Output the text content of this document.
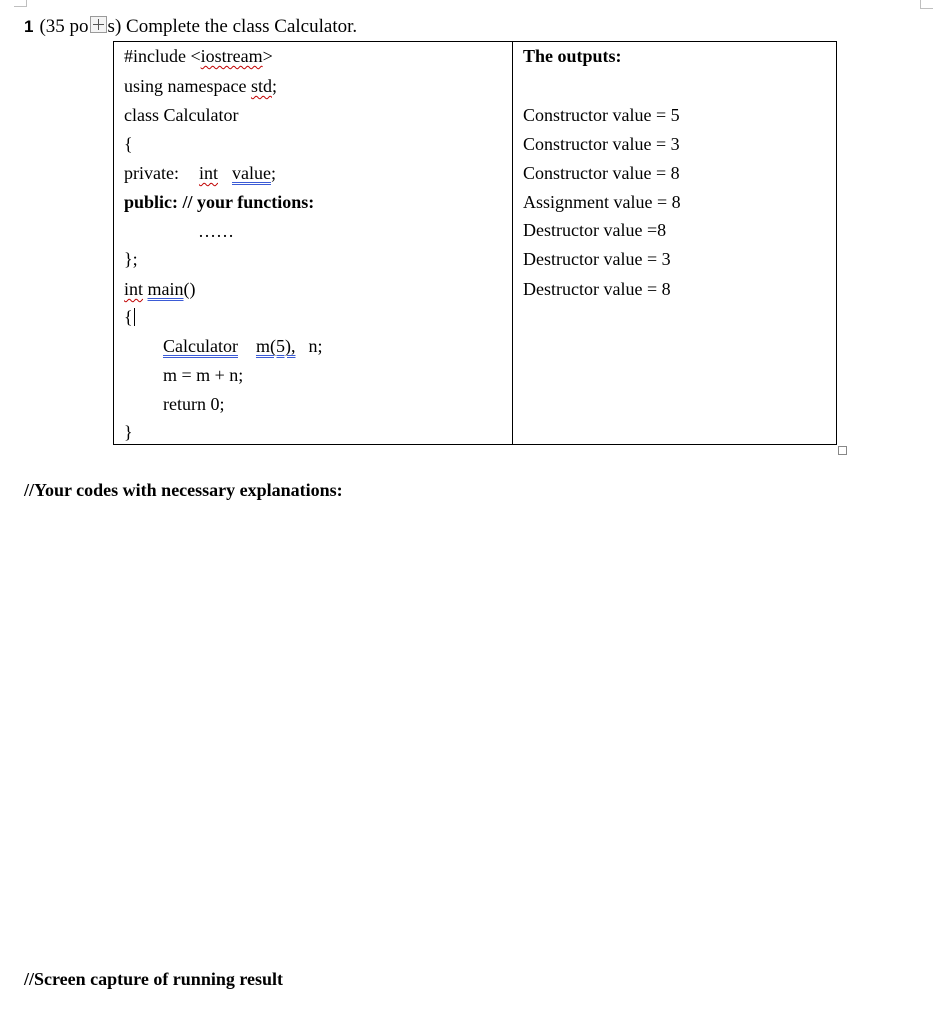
1 (35 po s) Complete the class Calculator.

#include <iostream>
using namespace std;
class Calculator
{
private: int value;
public: // your functions:
……
};
int main()
{
Calculator m(5), n;
m = m + n;
return 0;
}
The outputs:
Constructor value = 5
Constructor value = 3
Constructor value = 8
Assignment value = 8
Destructor value =8
Destructor value = 3
Destructor value = 8
//Your codes with necessary explanations:
//Screen capture of running result
